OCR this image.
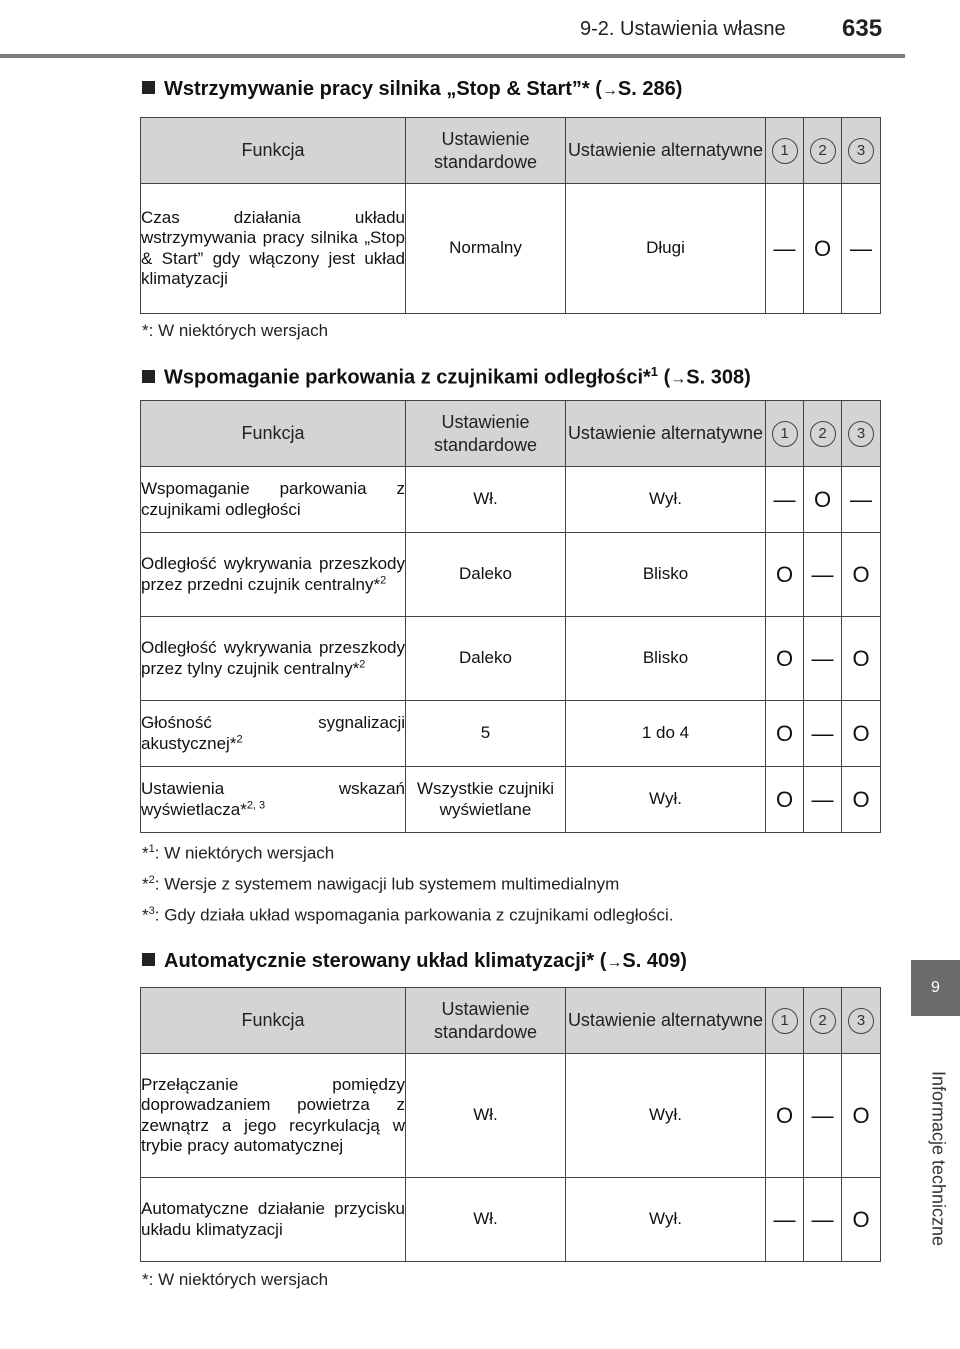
9-2. Ustawienia własne 635
9
Informacje techniczne
Wstrzymywanie pracy silnika „Stop & Start”* (→S. 286)
Funkcja	Ustawienie standardowe	Ustawienie alternatywne	1	2	3
Czas działania układu wstrzymywania pracy silnika „Stop & Start” gdy włączony jest układ klimatyzacji	Normalny	Długi	—	O	—
*: W niektórych wersjach
Wspomaganie parkowania z czujnikami odległości*$^1$ (→S. 308)
Funkcja	Ustawienie standardowe	Ustawienie alternatywne	1	2	3
Wspomaganie parkowania z czujnikami odległości	Wł.	Wył.	—	O	—
Odległość wykrywania przeszkody przez przedni czujnik centralny*$^2$	Daleko	Blisko	O	—	O
Odległość wykrywania przeszkody przez tylny czujnik centralny*$^2$	Daleko	Blisko	O	—	O
Głośność sygnalizacji akustycznej*$^2$	5	1 do 4	O	—	O
Ustawienia wskazań wyświetlacza*$^{2, 3}$	Wszystkie czujniki wyświetlane	Wył.	O	—	O
*$^1$: W niektórych wersjach
*$^2$: Wersje z systemem nawigacji lub systemem multimedialnym
*$^3$: Gdy działa układ wspomagania parkowania z czujnikami odległości.
Automatycznie sterowany układ klimatyzacji* (→S. 409)
Funkcja	Ustawienie standardowe	Ustawienie alternatywne	1	2	3
Przełączanie pomiędzy doprowadzaniem powietrza z zewnątrz a jego recyrkulacją w trybie pracy automatycznej	Wł.	Wył.	O	—	O
Automatyczne działanie przycisku układu klimatyzacji	Wł.	Wył.	—	—	O
*: W niektórych wersjach
